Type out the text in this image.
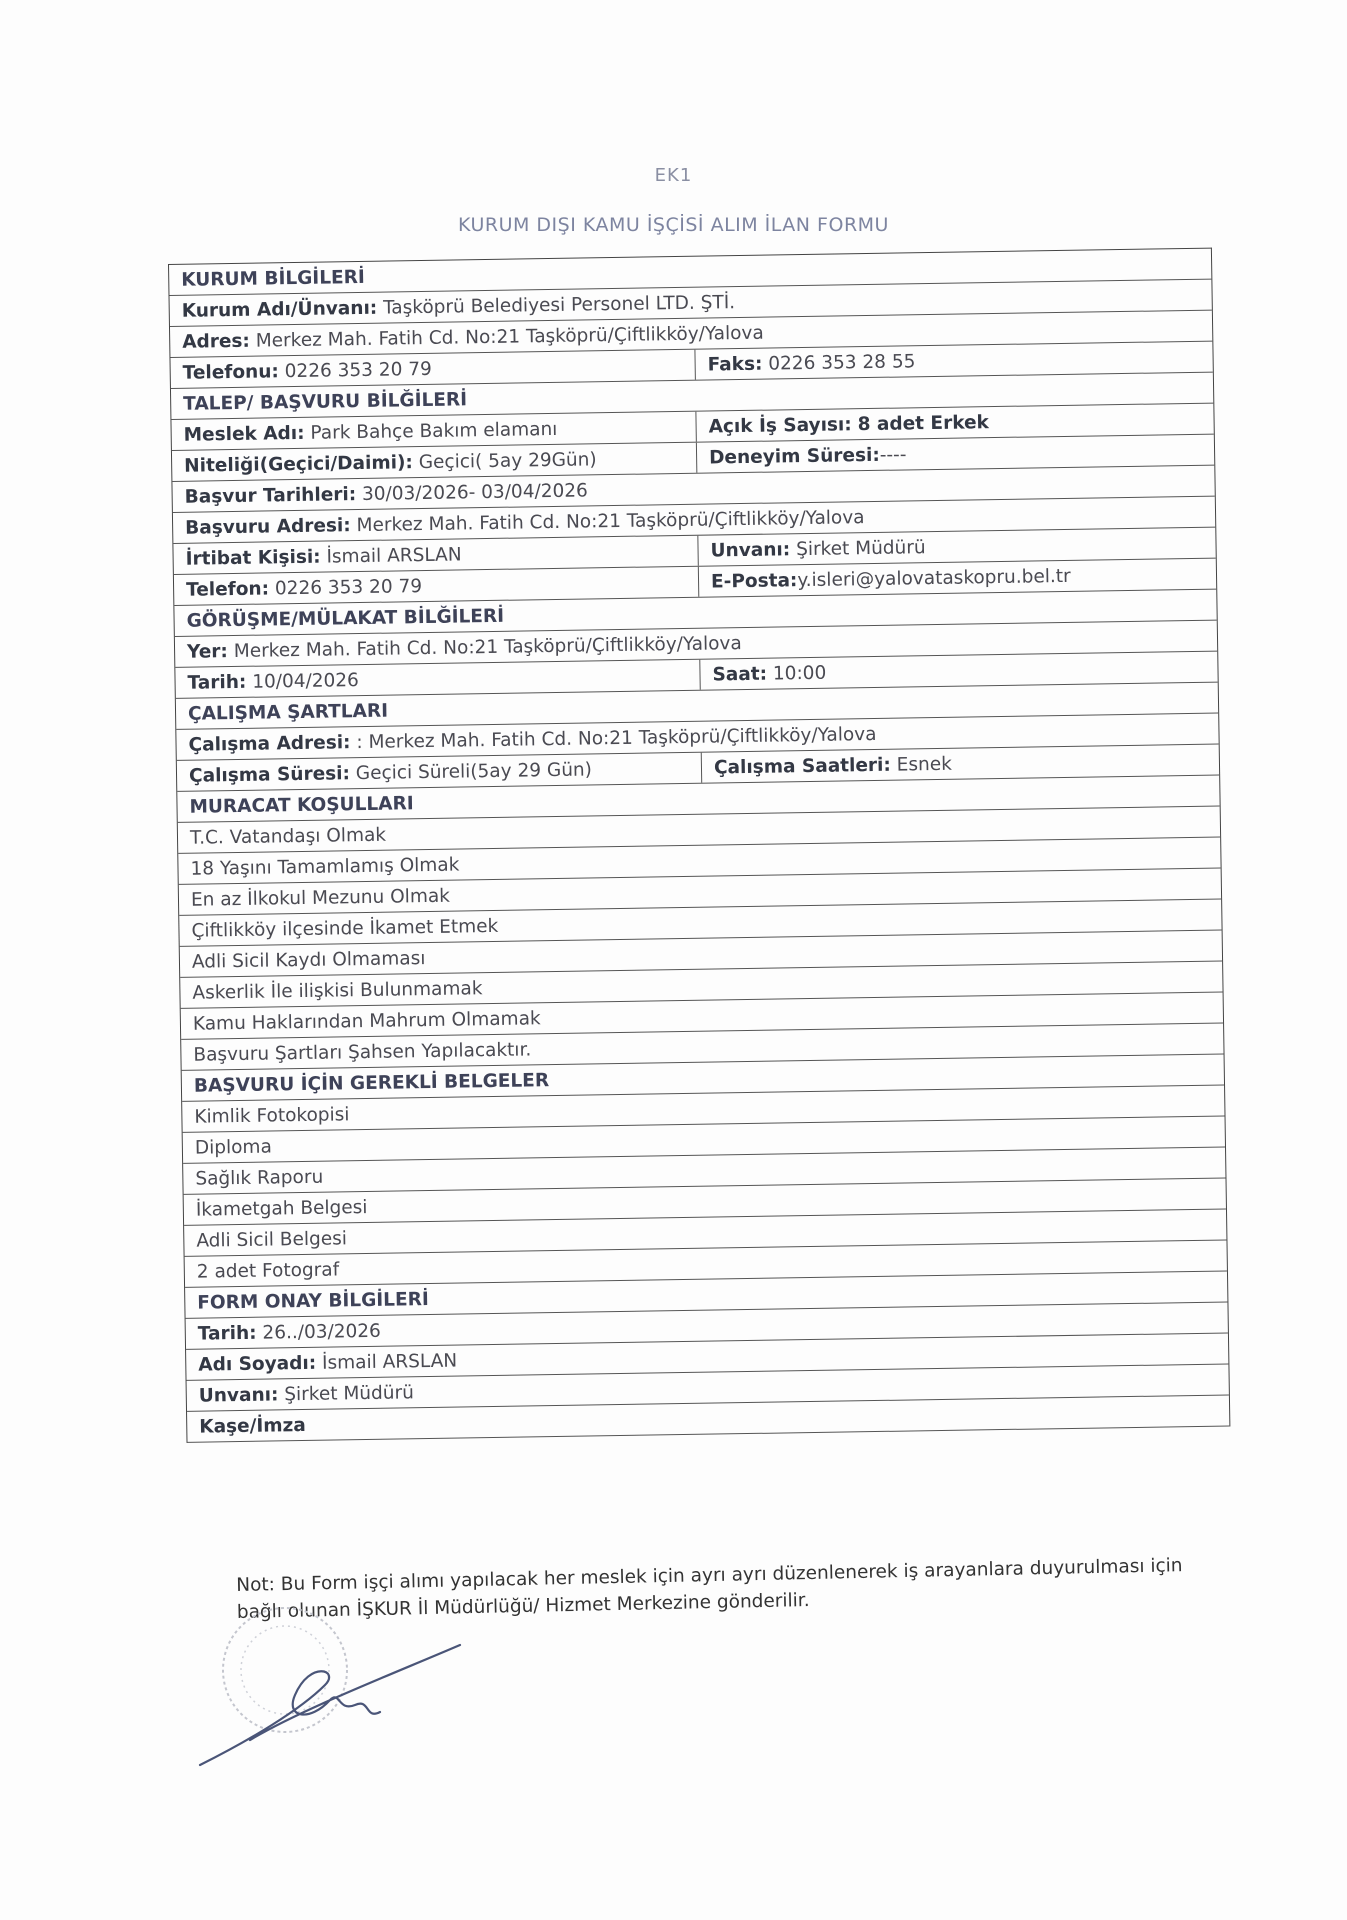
EK1
KURUM DIŞI KAMU İŞÇİSİ ALIM İLAN FORMU
KURUM BİLGİLERİ
Kurum Adı/Ünvanı: Taşköprü Belediyesi Personel LTD. ŞTİ.
Adres: Merkez Mah. Fatih Cd. No:21 Taşköprü/Çiftlikköy/Yalova
Telefonu: 0226 353 20 79	Faks: 0226 353 28 55
TALEP/ BAŞVURU BİLĞİLERİ
Meslek Adı: Park Bahçe Bakım elamanı	Açık İş Sayısı: 8 adet Erkek
Niteliği(Geçici/Daimi): Geçici( 5ay 29Gün)	Deneyim Süresi:----
Başvur Tarihleri: 30/03/2026- 03/04/2026
Başvuru Adresi: Merkez Mah. Fatih Cd. No:21 Taşköprü/Çiftlikköy/Yalova
İrtibat Kişisi: İsmail ARSLAN	Unvanı: Şirket Müdürü
Telefon: 0226 353 20 79	E-Posta:y.isleri@yalovataskopru.bel.tr
GÖRÜŞME/MÜLAKAT BİLĞİLERİ
Yer: Merkez Mah. Fatih Cd. No:21 Taşköprü/Çiftlikköy/Yalova
Tarih: 10/04/2026	Saat: 10:00
ÇALIŞMA ŞARTLARI
Çalışma Adresi: : Merkez Mah. Fatih Cd. No:21 Taşköprü/Çiftlikköy/Yalova
Çalışma Süresi: Geçici Süreli(5ay 29 Gün)	Çalışma Saatleri: Esnek
MURACAT KOŞULLARI
T.C. Vatandaşı Olmak
18 Yaşını Tamamlamış Olmak
En az İlkokul Mezunu Olmak
Çiftlikköy ilçesinde İkamet Etmek
Adli Sicil Kaydı Olmaması
Askerlik İle ilişkisi Bulunmamak
Kamu Haklarından Mahrum Olmamak
Başvuru Şartları Şahsen Yapılacaktır.
BAŞVURU İÇİN GEREKLİ BELGELER
Kimlik Fotokopisi
Diploma
Sağlık Raporu
İkametgah Belgesi
Adli Sicil Belgesi
2 adet Fotograf
FORM ONAY BİLGİLERİ
Tarih: 26../03/2026
Adı Soyadı: İsmail ARSLAN
Unvanı: Şirket Müdürü
Kaşe/İmza
Not: Bu Form işçi alımı yapılacak her meslek için ayrı ayrı düzenlenerek iş arayanlara duyurulması için
bağlı olunan İŞKUR İl Müdürlüğü/ Hizmet Merkezine gönderilir.
